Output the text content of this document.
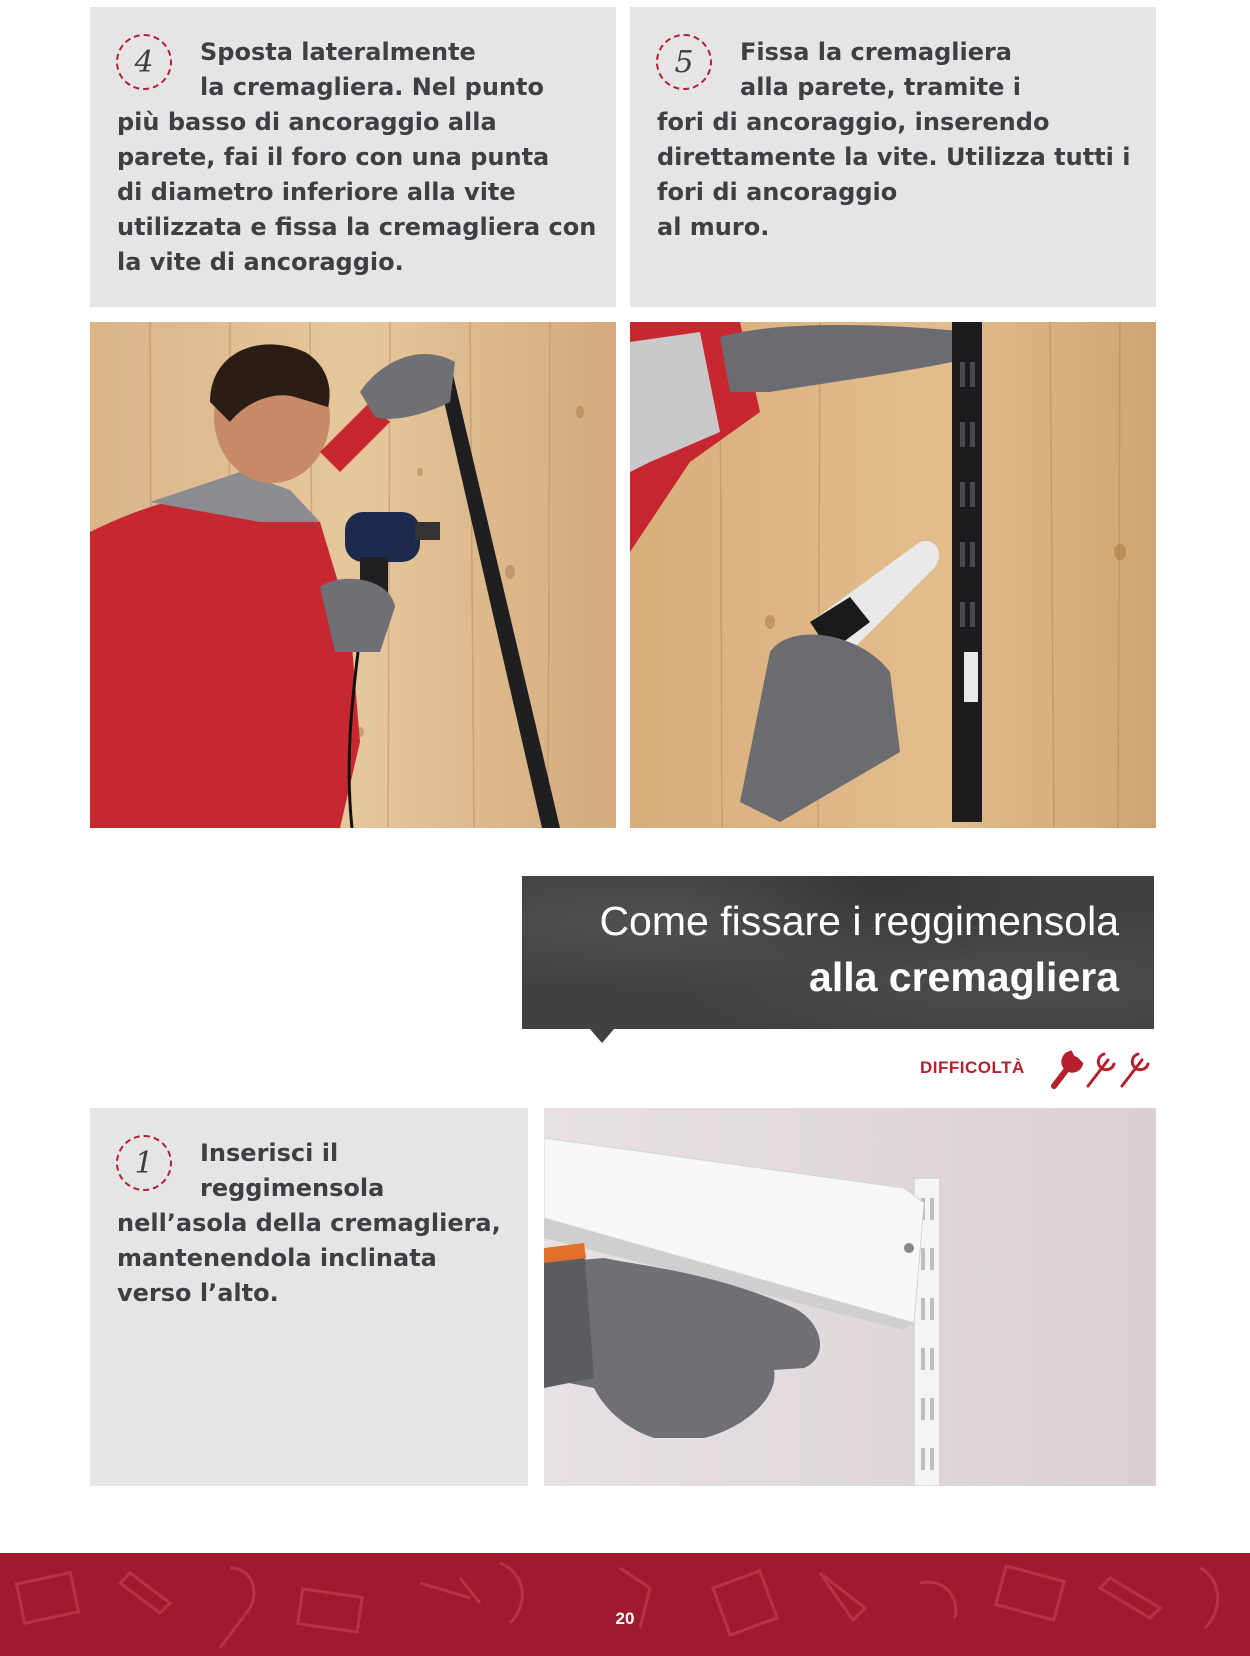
4	Sposta lateralmente
la cremagliera. Nel punto
più basso di ancoraggio alla
parete, fai il foro con una punta
di diametro inferiore alla vite
utilizzata e fissa la cremagliera con
la vite di ancoraggio.
5	Fissa la cremagliera
alla parete, tramite i
fori di ancoraggio, inserendo
direttamente la vite. Utilizza tutti i
fori di ancoraggio
al muro.
Come fissare i reggimensola
alla cremagliera
DIFFICOLTÀ
1	Inserisci il
reggimensola
nell’asola della cremagliera,
mantenendola inclinata
verso l’alto.
20
